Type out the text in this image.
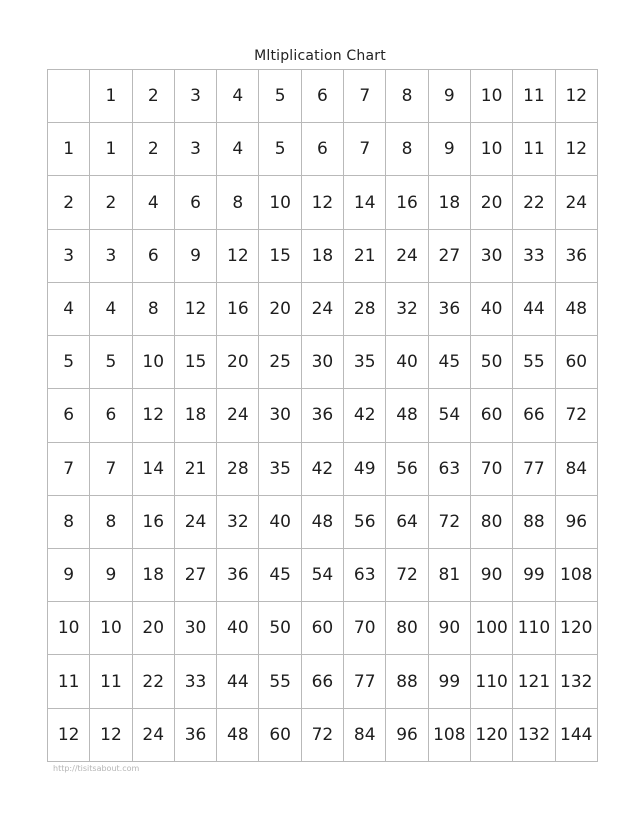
Mltiplication Chart
	1	2	3	4	5	6	7	8	9	10	11	12
1	1	2	3	4	5	6	7	8	9	10	11	12
2	2	4	6	8	10	12	14	16	18	20	22	24
3	3	6	9	12	15	18	21	24	27	30	33	36
4	4	8	12	16	20	24	28	32	36	40	44	48
5	5	10	15	20	25	30	35	40	45	50	55	60
6	6	12	18	24	30	36	42	48	54	60	66	72
7	7	14	21	28	35	42	49	56	63	70	77	84
8	8	16	24	32	40	48	56	64	72	80	88	96
9	9	18	27	36	45	54	63	72	81	90	99	108
10	10	20	30	40	50	60	70	80	90	100	110	120
11	11	22	33	44	55	66	77	88	99	110	121	132
12	12	24	36	48	60	72	84	96	108	120	132	144
http://tisitsabout.com
